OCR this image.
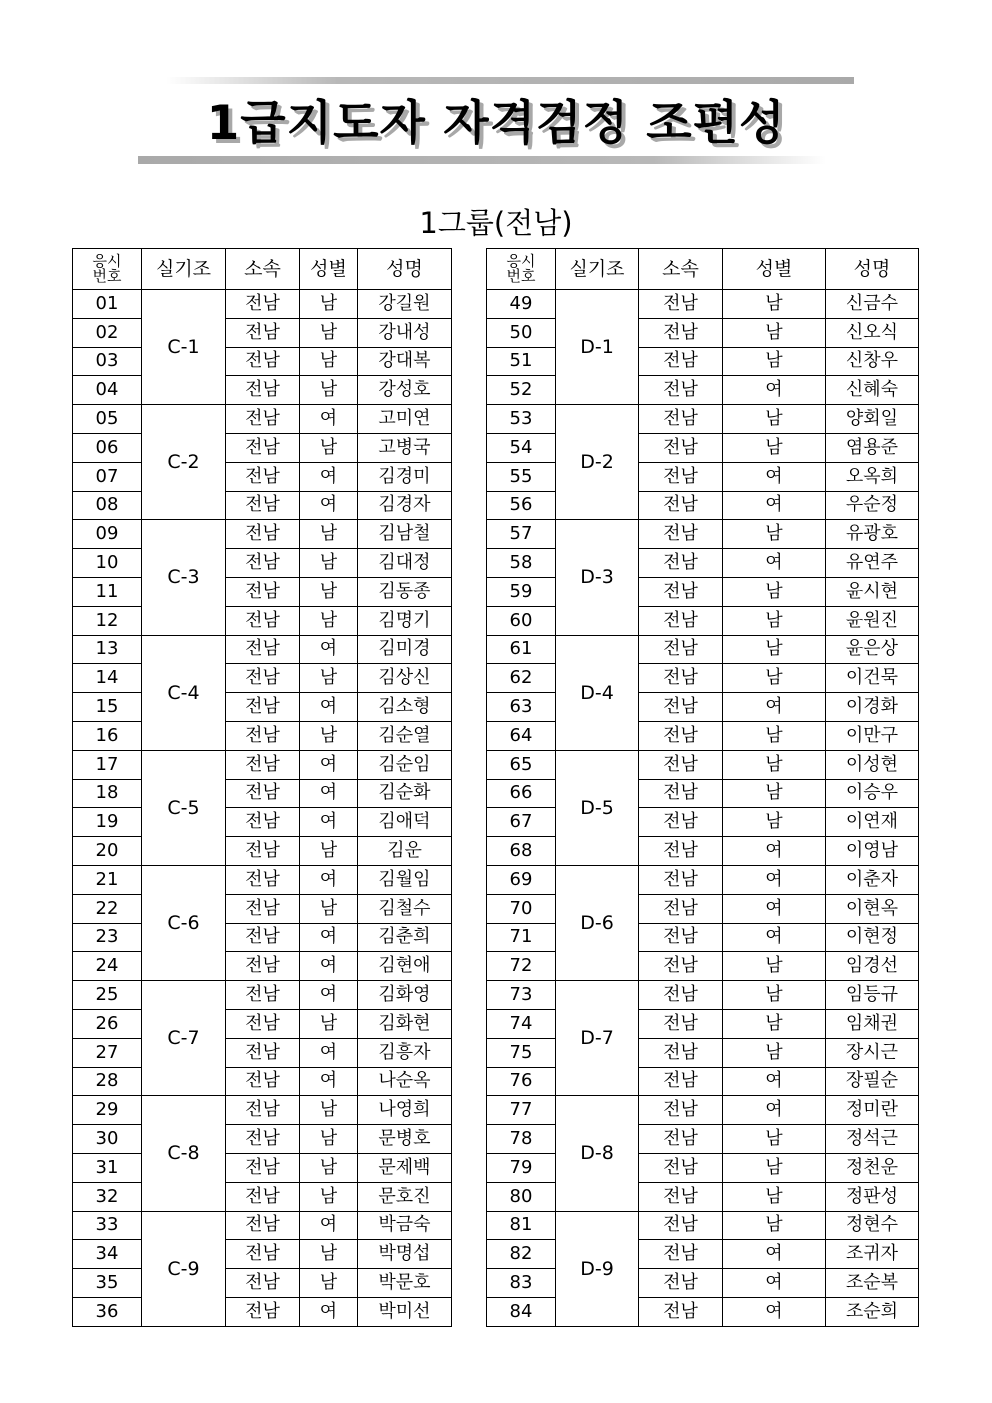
1급지도자 자격검정 조편성
1그룹(전남)
응시
번호	실기조	소속	성별	성명
01	C-1	전남	남	강길원
02		전남	남	강내성
03		전남	남	강대복
04		전남	남	강성호
05	C-2	전남	여	고미연
06		전남	남	고병국
07		전남	여	김경미
08		전남	여	김경자
09	C-3	전남	남	김남철
10		전남	남	김대정
11		전남	남	김동종
12		전남	남	김명기
13	C-4	전남	여	김미경
14		전남	남	김상신
15		전남	여	김소형
16		전남	남	김순열
17	C-5	전남	여	김순임
18		전남	여	김순화
19		전남	여	김애덕
20		전남	남	김운
21	C-6	전남	여	김월임
22		전남	남	김철수
23		전남	여	김춘희
24		전남	여	김현애
25	C-7	전남	여	김화영
26		전남	남	김화현
27		전남	여	김흥자
28		전남	여	나순옥
29	C-8	전남	남	나영희
30		전남	남	문병호
31		전남	남	문제백
32		전남	남	문호진
33	C-9	전남	여	박금숙
34		전남	남	박명섭
35		전남	남	박문호
36		전남	여	박미선
응시
번호	실기조	소속	성별	성명
49	D-1	전남	남	신금수
50		전남	남	신오식
51		전남	남	신창우
52		전남	여	신혜숙
53	D-2	전남	남	양회일
54		전남	남	염용준
55		전남	여	오옥희
56		전남	여	우순정
57	D-3	전남	남	유광호
58		전남	여	유연주
59		전남	남	윤시현
60		전남	남	윤원진
61	D-4	전남	남	윤은상
62		전남	남	이건묵
63		전남	여	이경화
64		전남	남	이만구
65	D-5	전남	남	이성현
66		전남	남	이승우
67		전남	남	이연재
68		전남	여	이영남
69	D-6	전남	여	이춘자
70		전남	여	이현옥
71		전남	여	이현정
72		전남	남	임경선
73	D-7	전남	남	임등규
74		전남	남	임채권
75		전남	남	장시근
76		전남	여	장필순
77	D-8	전남	여	정미란
78		전남	남	정석근
79		전남	남	정천운
80		전남	남	정판성
81	D-9	전남	남	정현수
82		전남	여	조귀자
83		전남	여	조순복
84		전남	여	조순희
